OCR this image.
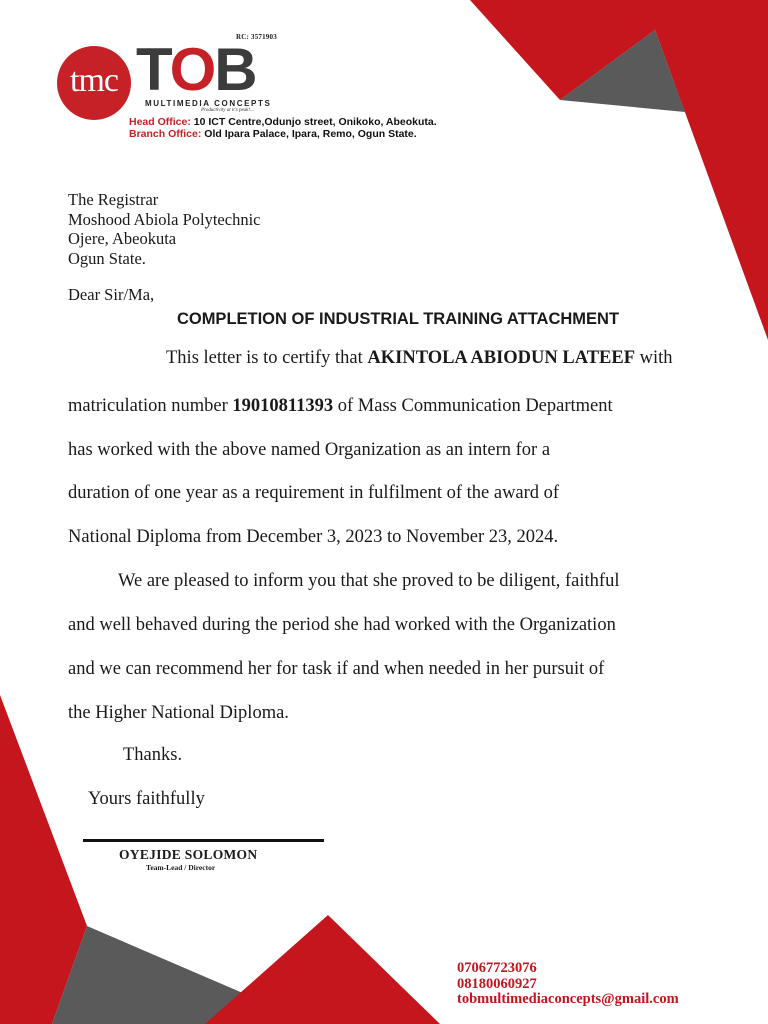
RC: 3571903
tmc TOB
MULTIMEDIA CONCEPTS
Productivity at it's peak!...
Head Office: 10 ICT Centre,Odunjo street, Onikoko, Abeokuta.
Branch Office: Old Ipara Palace, Ipara, Remo, Ogun State.
The Registrar
Moshood Abiola Polytechnic
Ojere, Abeokuta
Ogun State.
Dear Sir/Ma,
COMPLETION OF INDUSTRIAL TRAINING ATTACHMENT
This letter is to certify that AKINTOLA ABIODUN LATEEF with
matriculation number 19010811393 of Mass Communication Department
has worked with the above named Organization as an intern for a
duration of one year as a requirement in fulfilment of the award of
National Diploma from December 3, 2023 to November 23, 2024.
We are pleased to inform you that she proved to be diligent, faithful
and well behaved during the period she had worked with the Organization
and we can recommend her for task if and when needed in her pursuit of
the Higher National Diploma.
Thanks.
Yours faithfully
OYEJIDE SOLOMON
Team-Lead / Director
07067723076
08180060927
tobmultimediaconcepts@gmail.com
